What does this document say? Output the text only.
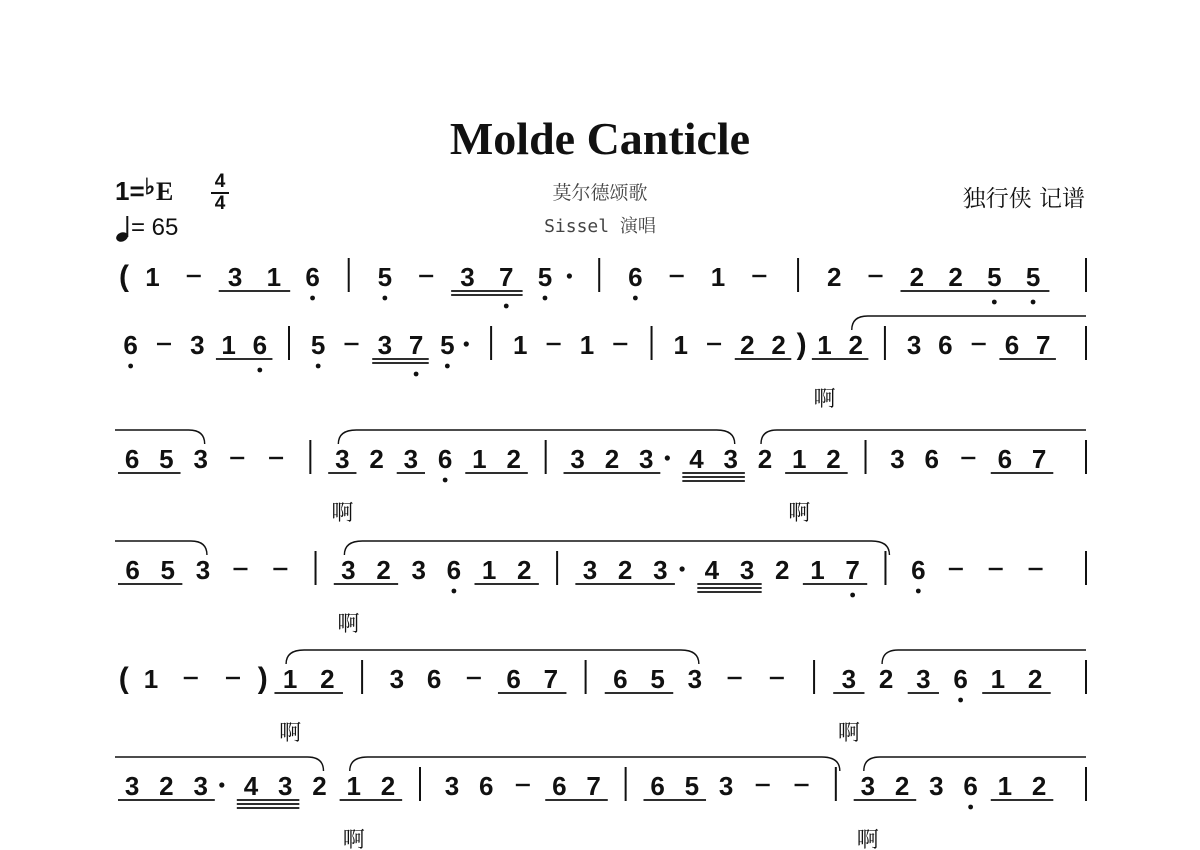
Molde Canticle
莫尔德颂歌
Sissel 演唱
独行侠 记谱
1=♭E	4
4
= 65
( 1	3 1 6 5	3 7 5	6	1	2	2 2 5 5
6 3 1 6 5 3 7 5 1 1	1 2 2 ) 1 2 3 6 6 7
啊
6 5 3	3 2 3 6 1 2 3 2 3 4 3 2 1 2 3 6 6 7
啊	啊
6 5 3	3 2 3 6 1 2 3 2 3 4 3 2 1 7 6
啊
( 1	) 1 2 3 6 6 7 6 5 3	3 2 3 6 1 2
啊	啊
3 2 3 4 3 2 1 2 3 6 6 7 6 5 3	3 2 3 6 1 2
啊	啊
